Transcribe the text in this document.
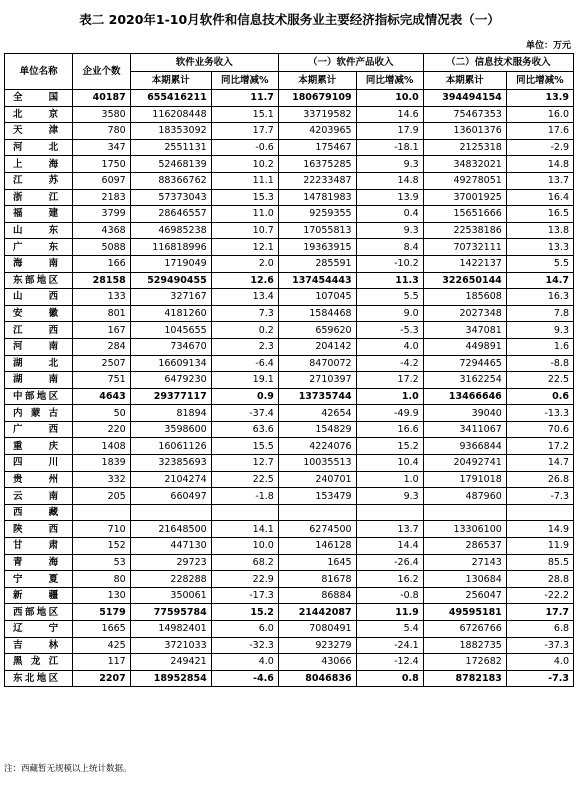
表二 2020年1-10月软件和信息技术服务业主要经济指标完成情况表（一）
单位：万元
单位名称	企业个数	软件业务收入		（一）软件产品收入		（二）信息技术服务收入	
		本期累计	同比增减%	本期累计	同比增减%	本期累计	同比增减%
全国	40187	655416211	11.7	180679109	10.0	394494154	13.9
北京	3580	116208448	15.1	33719582	14.6	75467353	16.0
天津	780	18353092	17.7	4203965	17.9	13601376	17.6
河北	347	2551131	-0.6	175467	-18.1	2125318	-2.9
上海	1750	52468139	10.2	16375285	9.3	34832021	14.8
江苏	6097	88366762	11.1	22233487	14.8	49278051	13.7
浙江	2183	57373043	15.3	14781983	13.9	37001925	16.4
福建	3799	28646557	11.0	9259355	0.4	15651666	16.5
山东	4368	46985238	10.7	17055813	9.3	22538186	13.8
广东	5088	116818996	12.1	19363915	8.4	70732111	13.3
海南	166	1719049	2.0	285591	-10.2	1422137	5.5
东部地区	28158	529490455	12.6	137454443	11.3	322650144	14.7
山西	133	327167	13.4	107045	5.5	185608	16.3
安徽	801	4181260	7.3	1584468	9.0	2027348	7.8
江西	167	1045655	0.2	659620	-5.3	347081	9.3
河南	284	734670	2.3	204142	4.0	449891	1.6
湖北	2507	16609134	-6.4	8470072	-4.2	7294465	-8.8
湖南	751	6479230	19.1	2710397	17.2	3162254	22.5
中部地区	4643	29377117	0.9	13735744	1.0	13466646	0.6
内蒙古	50	81894	-37.4	42654	-49.9	39040	-13.3
广西	220	3598600	63.6	154829	16.6	3411067	70.6
重庆	1408	16061126	15.5	4224076	15.2	9366844	17.2
四川	1839	32385693	12.7	10035513	10.4	20492741	14.7
贵州	332	2104274	22.5	240701	1.0	1791018	26.8
云南	205	660497	-1.8	153479	9.3	487960	-7.3
西藏							
陕西	710	21648500	14.1	6274500	13.7	13306100	14.9
甘肃	152	447130	10.0	146128	14.4	286537	11.9
青海	53	29723	68.2	1645	-26.4	27143	85.5
宁夏	80	228288	22.9	81678	16.2	130684	28.8
新疆	130	350061	-17.3	86884	-0.8	256047	-22.2
西部地区	5179	77595784	15.2	21442087	11.9	49595181	17.7
辽宁	1665	14982401	6.0	7080491	5.4	6726766	6.8
吉林	425	3721033	-32.3	923279	-24.1	1882735	-37.3
黑龙江	117	249421	4.0	43066	-12.4	172682	4.0
东北地区	2207	18952854	-4.6	8046836	0.8	8782183	-7.3
注：西藏暂无规模以上统计数据。
